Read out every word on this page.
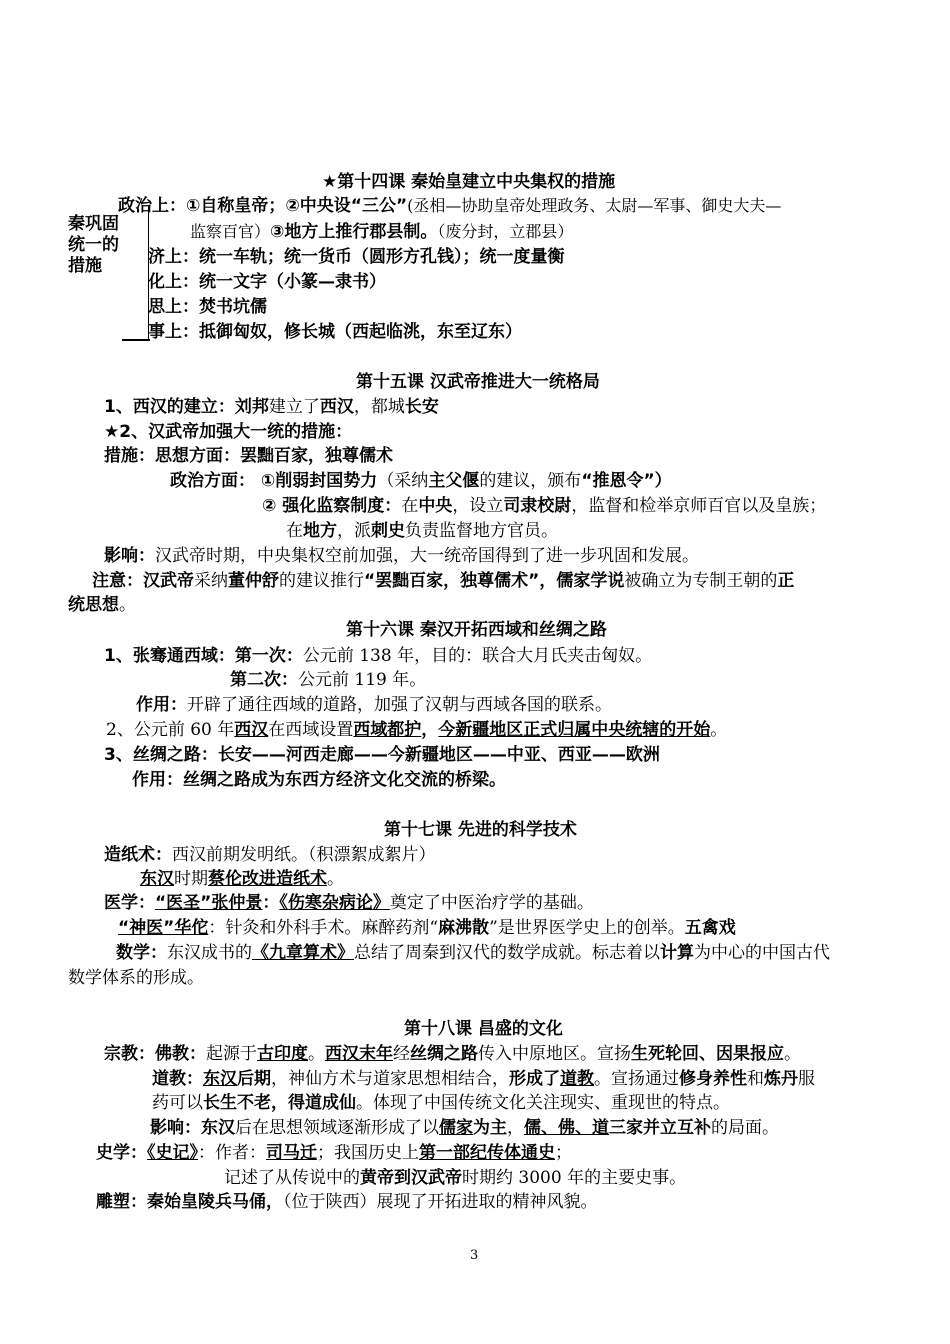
★第十四课 秦始皇建立中央集权的措施
秦巩固
统一的
措施
政治上：①自称皇帝；②中央设“三公”(丞相—协助皇帝处理政务、太尉—军事、御史大夫—
监察百官）③地方上推行郡县制。（废分封，立郡县）
济上：统一车轨；统一货币（圆形方孔钱）；统一度量衡
化上：统一文字（小篆—隶书）
思上：焚书坑儒
事上：抵御匈奴，修长城（西起临洮，东至辽东）
第十五课 汉武帝推进大一统格局
1、西汉的建立：刘邦建立了西汉，都城长安
★2、汉武帝加强大一统的措施：
措施：思想方面：罢黜百家，独尊儒术
政治方面： ①削弱封国势力（采纳主父偃的建议，颁布“推恩令”）
② 强化监察制度：在中央，设立司隶校尉，监督和检举京师百官以及皇族；
在地方，派刺史负责监督地方官员。
影响：汉武帝时期，中央集权空前加强，大一统帝国得到了进一步巩固和发展。
注意：汉武帝采纳董仲舒的建议推行“罢黜百家，独尊儒术”，儒家学说被确立为专制王朝的正
统思想。
第十六课 秦汉开拓西域和丝绸之路
1、张骞通西域：第一次：公元前 138 年，目的：联合大月氏夹击匈奴。
第二次：公元前 119 年。
作用：开辟了通往西域的道路，加强了汉朝与西域各国的联系。
2、公元前 60 年西汉在西域设置西域都护，今新疆地区正式归属中央统辖的开始。
3、丝绸之路：长安——河西走廊——今新疆地区——中亚、西亚——欧洲
作用：丝绸之路成为东西方经济文化交流的桥梁。
第十七课 先进的科学技术
造纸术：西汉前期发明纸。（积漂絮成絮片）
东汉时期蔡伦改进造纸术。
医学：“医圣”张仲景：《伤寒杂病论》奠定了中医治疗学的基础。
“神医”华佗：针灸和外科手术。麻醉药剂“麻沸散”是世界医学史上的创举。五禽戏
数学：东汉成书的《九章算术》总结了周秦到汉代的数学成就。标志着以计算为中心的中国古代
数学体系的形成。
第十八课 昌盛的文化
宗教：佛教：起源于古印度。西汉末年经丝绸之路传入中原地区。宣扬生死轮回、因果报应。
道教：东汉后期，神仙方术与道家思想相结合，形成了道教。宣扬通过修身养性和炼丹服
药可以长生不老，得道成仙。体现了中国传统文化关注现实、重现世的特点。
影响：东汉后在思想领域逐渐形成了以儒家为主，儒、佛、道三家并立互补的局面。
史学：《史记》：作者：司马迁；我国历史上第一部纪传体通史；
记述了从传说中的黄帝到汉武帝时期约 3000 年的主要史事。
雕塑：秦始皇陵兵马俑，（位于陕西）展现了开拓进取的精神风貌。
3
